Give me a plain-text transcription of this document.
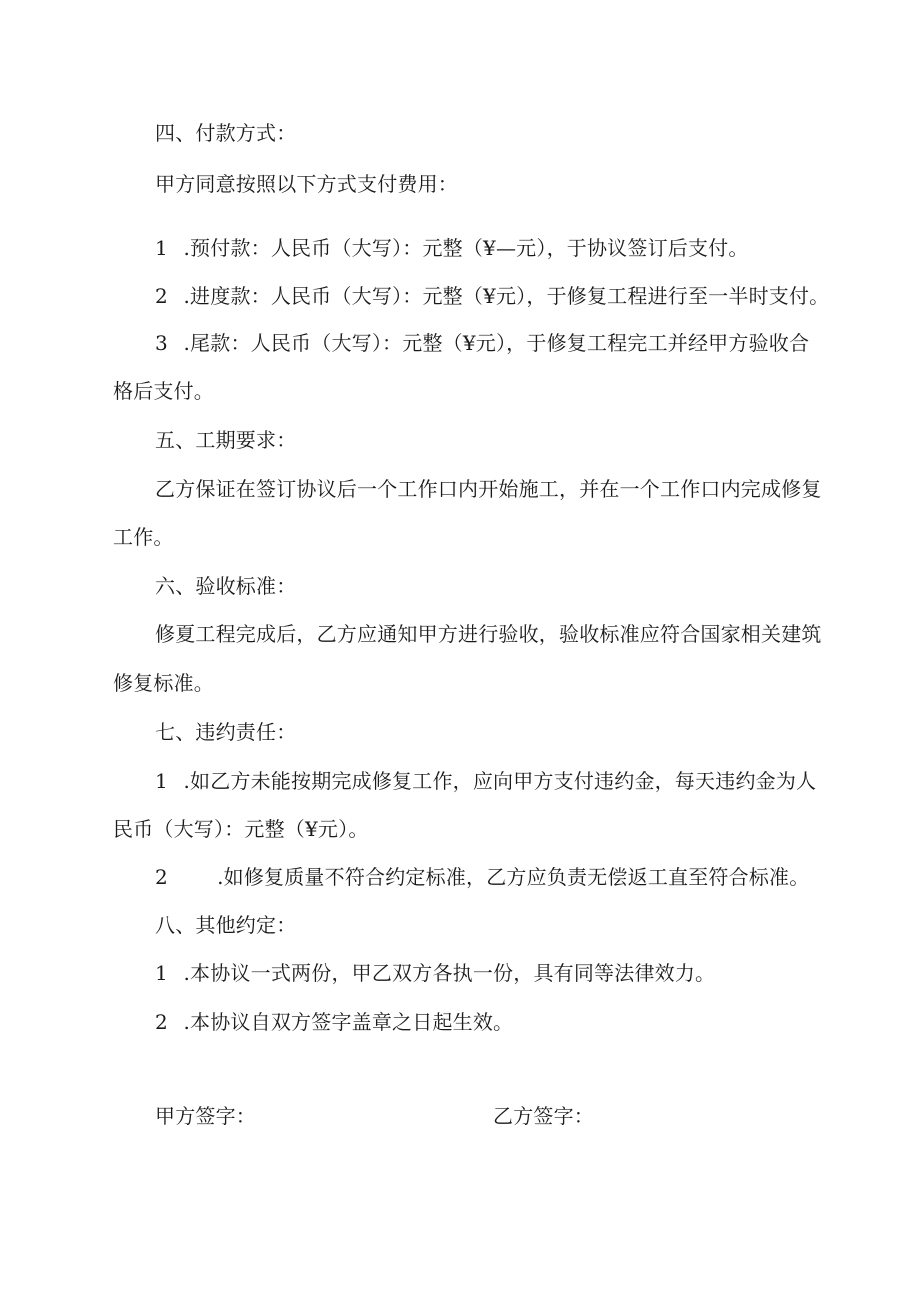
四、付款方式：
甲方同意按照以下方式支付费用：
1 .预付款：人民币（大写）：元整（¥—元），于协议签订后支付。
2 .进度款：人民币（大写）：元整（¥元），于修复工程进行至一半时支付。
3 .尾款：人民币（大写）：元整（¥元），于修复工程完工并经甲方验收合
格后支付。
五、工期要求：
乙方保证在签订协议后一个工作口内开始施工，并在一个工作口内完成修复
工作。
六、验收标准：
修夏工程完成后，乙方应通知甲方进行验收，验收标准应符合国家相关建筑
修复标准。
七、违约责任：
1 .如乙方未能按期完成修复工作，应向甲方支付违约金，每天违约金为人
民币（大写）：元整（¥元）。
2 .如修复质量不符合约定标准，乙方应负责无偿返工直至符合标准。
八、其他约定：
1 .本协议一式两份，甲乙双方各执一份，具有同等法律效力。
2 .本协议自双方签字盖章之日起生效。
甲方签字：	乙方签字：
